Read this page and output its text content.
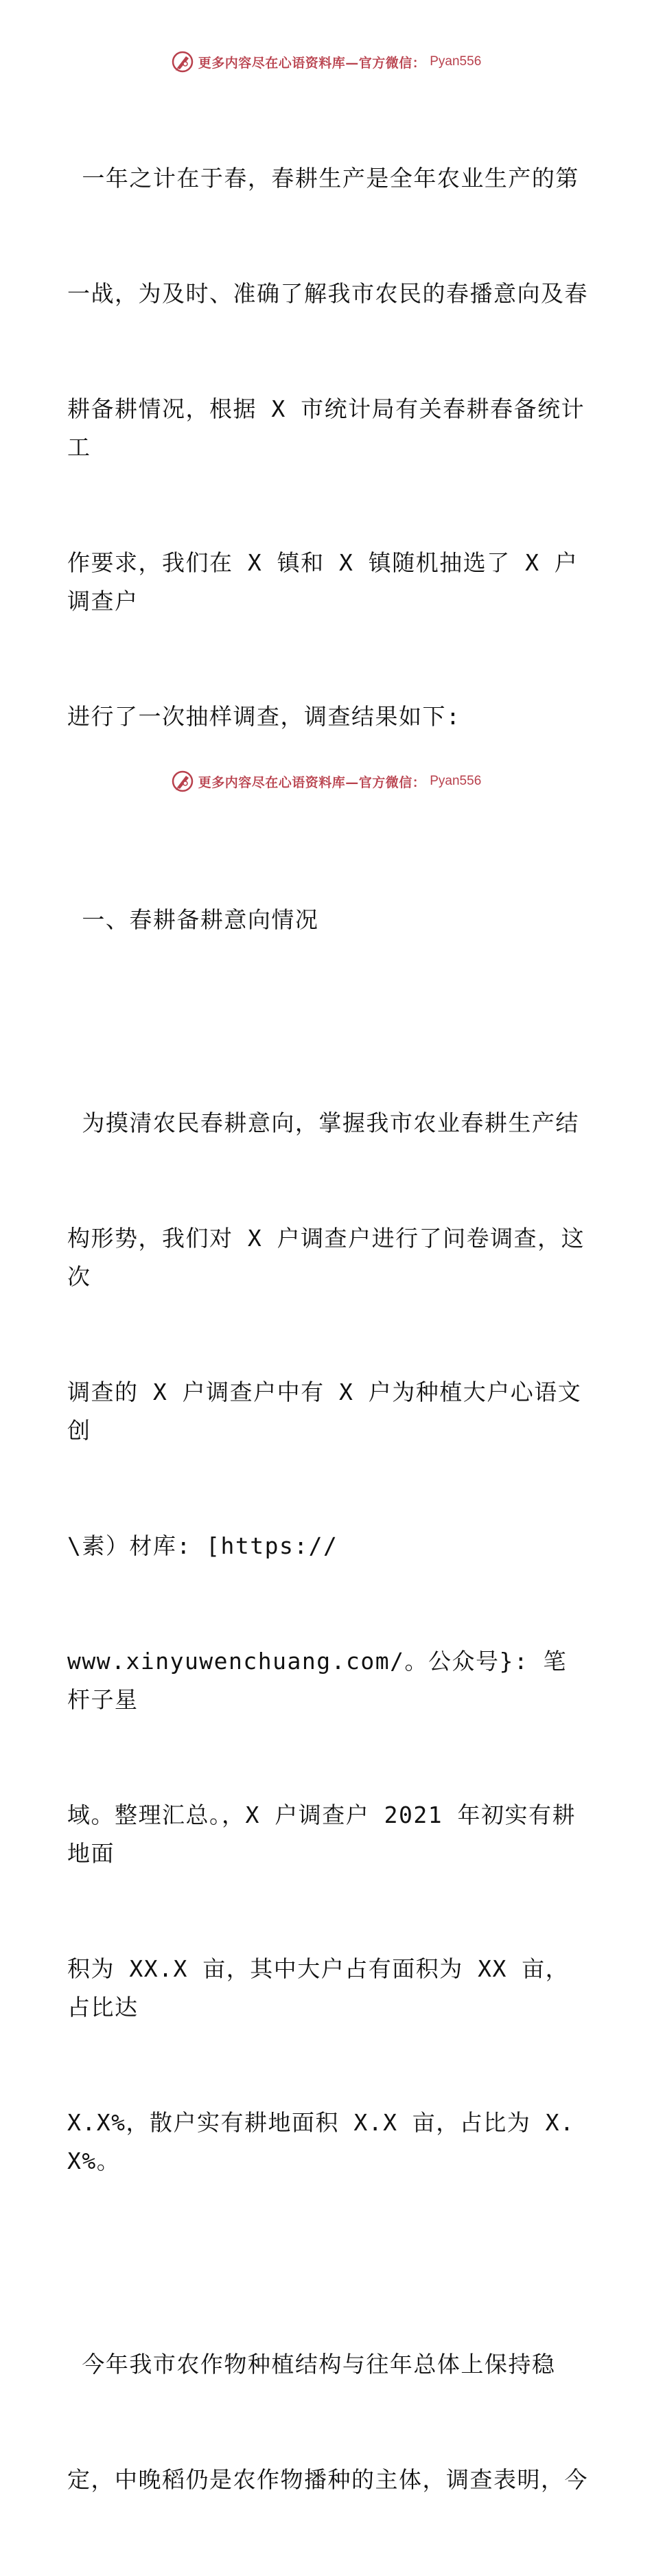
更多内容尽在心语资料库—官方微信： Pyan556

一年之计在于春，春耕生产是全年农业生产的第

一战，为及时、准确了解我市农民的春播意向及春

耕备耕情况，根据 X 市统计局有关春耕春备统计工

作要求，我们在 X 镇和 X 镇随机抽选了 X 户调查户

进行了一次抽样调查，调查结果如下:

一、春耕备耕意向情况

为摸清农民春耕意向，掌握我市农业春耕生产结

构形势，我们对 X 户调查户进行了问卷调查，这次

调查的 X 户调查户中有 X 户为种植大户心语文创

\素）材库: [https://

www.xinyuwenchuang.com/。公众号}: 笔杆子星

域。整理汇总。，X 户调查户 2021 年初实有耕地面

积为 XX.X 亩，其中大户占有面积为 XX 亩，占比达

X.X%，散户实有耕地面积 X.X 亩，占比为 X.X%。

今年我市农作物种植结构与往年总体上保持稳

定，中晚稻仍是农作物播种的主体，调查表明，今

更多内容尽在心语资料库—官方微信： Pyan556
